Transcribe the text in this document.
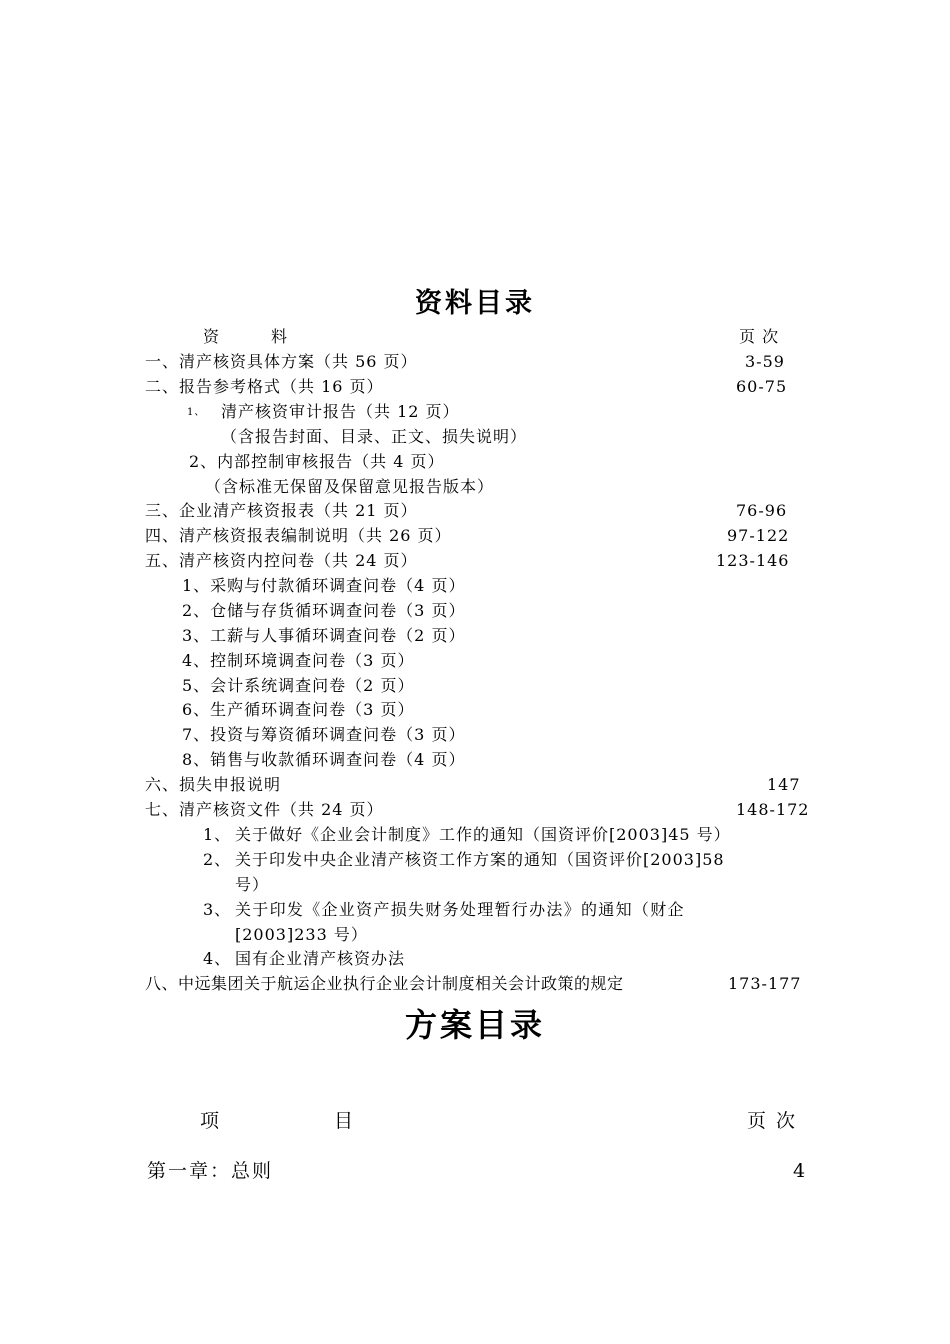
资料目录
资　　　料	页 次
一、清产核资具体方案（共 56 页）	3-59
二、报告参考格式（共 16 页）	60-75
1、 清产核资审计报告（共 12 页）
（含报告封面、目录、正文、损失说明）
2、内部控制审核报告（共 4 页）
（含标准无保留及保留意见报告版本）
三、企业清产核资报表（共 21 页）	76-96
四、清产核资报表编制说明（共 26 页）	97-122
五、清产核资内控问卷（共 24 页）	123-146
1、采购与付款循环调查问卷（4 页）
2、仓储与存货循环调查问卷（3 页）
3、工薪与人事循环调查问卷（2 页）
4、控制环境调查问卷（3 页）
5、会计系统调查问卷（2 页）
6、生产循环调查问卷（3 页）
7、投资与筹资循环调查问卷（3 页）
8、销售与收款循环调查问卷（4 页）
六、损失申报说明	147
七、清产核资文件（共 24 页）	148-172
1、 关于做好《企业会计制度》工作的通知（国资评价[2003]45 号）
2、 关于印发中央企业清产核资工作方案的通知（国资评价[2003]58
号）
3、 关于印发《企业资产损失财务处理暂行办法》的通知（财企
[2003]233 号）
4、 国有企业清产核资办法
八、中远集团关于航运企业执行企业会计制度相关会计政策的规定	173-177
方案目录
项	目	页 次
第一章：总则	4
